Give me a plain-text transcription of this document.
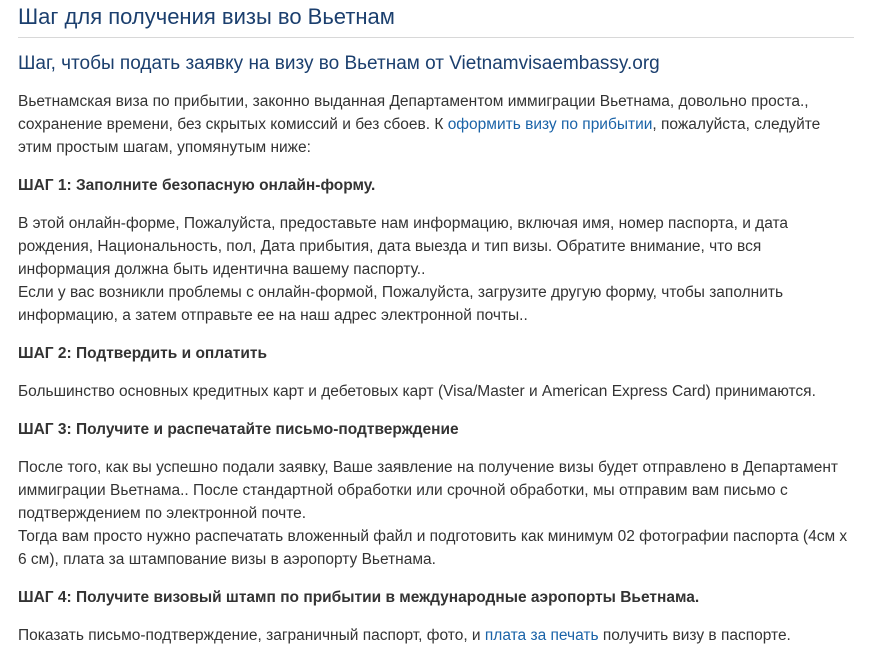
Шаг для получения визы во Вьетнам
Шаг, чтобы подать заявку на визу во Вьетнам от Vietnamvisaembassy.org

Вьетнамская виза по прибытии, законно выданная Департаментом иммиграции Вьетнама, довольно проста., сохранение времени, без скрытых комиссий и без сбоев. К оформить визу по прибытии, пожалуйста, следуйте этим простым шагам, упомянутым ниже:

ШАГ 1: Заполните безопасную онлайн-форму.

В этой онлайн-форме, Пожалуйста, предоставьте нам информацию, включая имя, номер паспорта, и дата рождения, Национальность, пол, Дата прибытия, дата выезда и тип визы. Обратите внимание, что вся информация должна быть идентична вашему паспорту..
Если у вас возникли проблемы с онлайн-формой, Пожалуйста, загрузите другую форму, чтобы заполнить информацию, а затем отправьте ее на наш адрес электронной почты..

ШАГ 2: Подтвердить и оплатить

Большинство основных кредитных карт и дебетовых карт (Visa/Master и American Express Card) принимаются.

ШАГ 3: Получите и распечатайте письмо-подтверждение

После того, как вы успешно подали заявку, Ваше заявление на получение визы будет отправлено в Департамент иммиграции Вьетнама.. После стандартной обработки или срочной обработки, мы отправим вам письмо с подтверждением по электронной почте.
Тогда вам просто нужно распечатать вложенный файл и подготовить как минимум 02 фотографии паспорта (4см х 6 см), плата за штампование визы в аэропорту Вьетнама.

ШАГ 4: Получите визовый штамп по прибытии в международные аэропорты Вьетнама.

Показать письмо-подтверждение, заграничный паспорт, фото, и плата за печать получить визу в паспорте.
